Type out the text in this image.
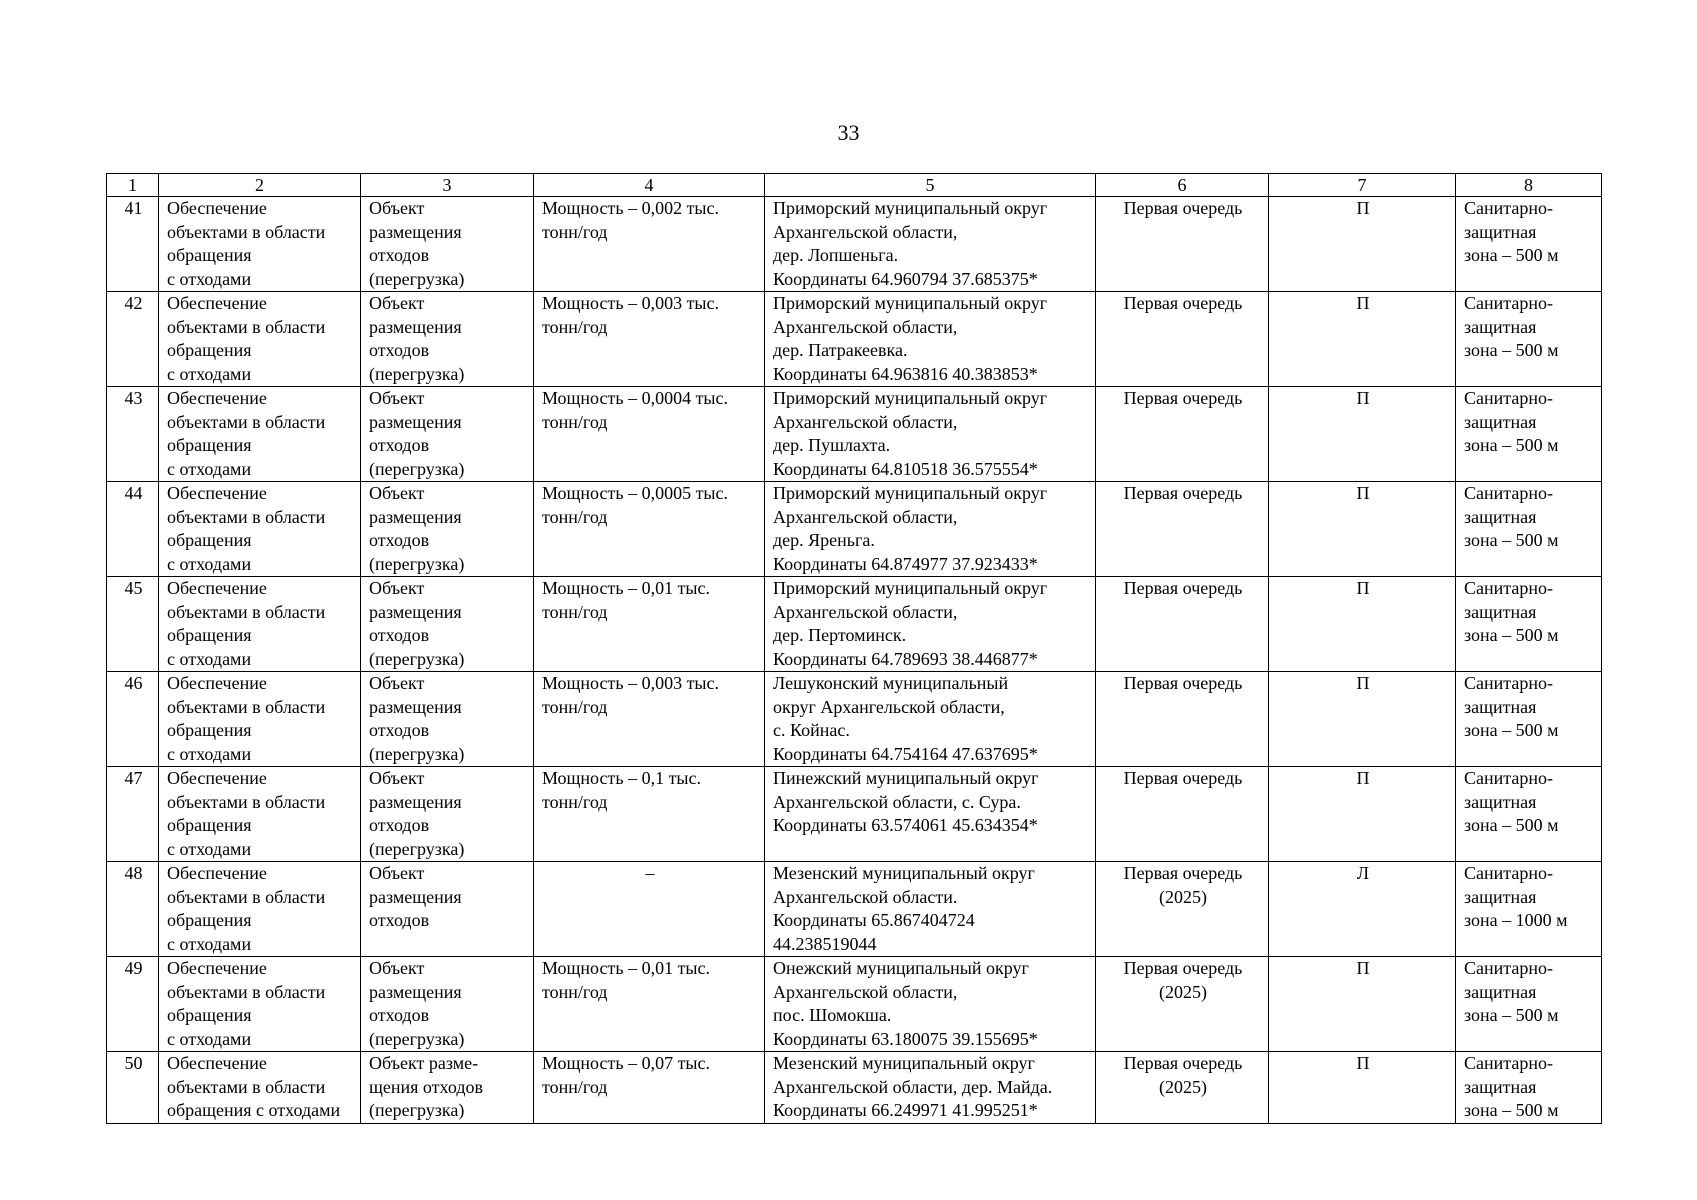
33
1	2	3	4	5	6	7	8
41	Обеспечение
объектами в области
обращения
с отходами	Объект
размещения
отходов
(перегрузка)	Мощность – 0,002 тыс.
тонн/год	Приморский муниципальный округ
Архангельской области,
дер. Лопшеньга.
Координаты 64.960794 37.685375*	Первая очередь	П	Санитарно-
защитная
зона – 500 м
42	Обеспечение
объектами в области
обращения
с отходами	Объект
размещения
отходов
(перегрузка)	Мощность – 0,003 тыс.
тонн/год	Приморский муниципальный округ
Архангельской области,
дер. Патракеевка.
Координаты 64.963816 40.383853*	Первая очередь	П	Санитарно-
защитная
зона – 500 м
43	Обеспечение
объектами в области
обращения
с отходами	Объект
размещения
отходов
(перегрузка)	Мощность – 0,0004 тыс.
тонн/год	Приморский муниципальный округ
Архангельской области,
дер. Пушлахта.
Координаты 64.810518 36.575554*	Первая очередь	П	Санитарно-
защитная
зона – 500 м
44	Обеспечение
объектами в области
обращения
с отходами	Объект
размещения
отходов
(перегрузка)	Мощность – 0,0005 тыс.
тонн/год	Приморский муниципальный округ
Архангельской области,
дер. Яреньга.
Координаты 64.874977 37.923433*	Первая очередь	П	Санитарно-
защитная
зона – 500 м
45	Обеспечение
объектами в области
обращения
с отходами	Объект
размещения
отходов
(перегрузка)	Мощность – 0,01 тыс.
тонн/год	Приморский муниципальный округ
Архангельской области,
дер. Пертоминск.
Координаты 64.789693 38.446877*	Первая очередь	П	Санитарно-
защитная
зона – 500 м
46	Обеспечение
объектами в области
обращения
с отходами	Объект
размещения
отходов
(перегрузка)	Мощность – 0,003 тыс.
тонн/год	Лешуконский муниципальный
округ Архангельской области,
с. Койнас.
Координаты 64.754164 47.637695*	Первая очередь	П	Санитарно-
защитная
зона – 500 м
47	Обеспечение
объектами в области
обращения
с отходами	Объект
размещения
отходов
(перегрузка)	Мощность – 0,1 тыс.
тонн/год	Пинежский муниципальный округ
Архангельской области, с. Сура.
Координаты 63.574061 45.634354*	Первая очередь	П	Санитарно-
защитная
зона – 500 м
48	Обеспечение
объектами в области
обращения
с отходами	Объект
размещения
отходов	–	Мезенский муниципальный округ
Архангельской области.
Координаты 65.867404724
44.238519044	Первая очередь
(2025)	Л	Санитарно-
защитная
зона – 1000 м
49	Обеспечение
объектами в области
обращения
с отходами	Объект
размещения
отходов
(перегрузка)	Мощность – 0,01 тыс.
тонн/год	Онежский муниципальный округ
Архангельской области,
пос. Шомокша.
Координаты 63.180075 39.155695*	Первая очередь
(2025)	П	Санитарно-
защитная
зона – 500 м
50	Обеспечение
объектами в области
обращения с отходами	Объект разме-
щения отходов
(перегрузка)	Мощность – 0,07 тыс.
тонн/год	Мезенский муниципальный округ
Архангельской области, дер. Майда.
Координаты 66.249971 41.995251*	Первая очередь
(2025)	П	Санитарно-
защитная
зона – 500 м
